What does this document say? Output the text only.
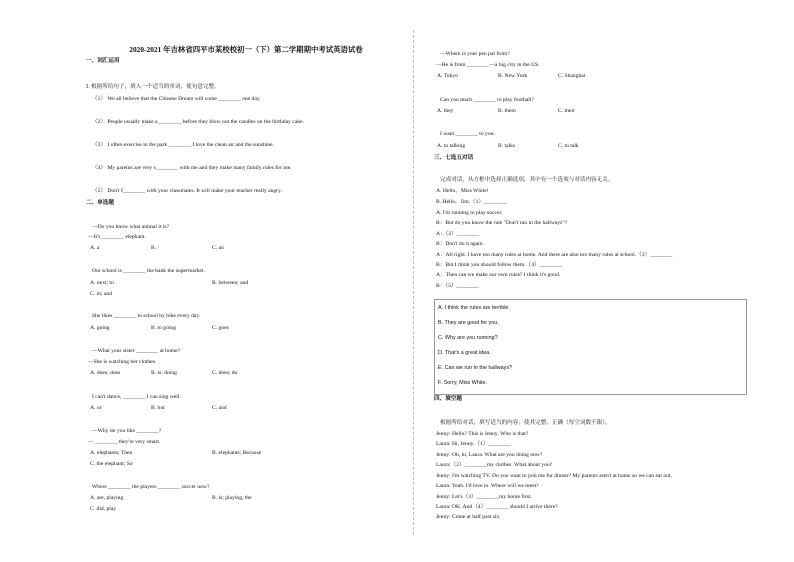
2020-2021 年吉林省四平市某校校初一（下）第二学期期中考试英语试卷
一、词汇运用
Ⅰ. 根据所给句子，填入一个适当的单词，使句意完整。
（1） We all believe that the Chinese Dream will come ________ one day.
（2） People usually make a ________ before they blow out the candles on the birthday cake.
（3） I often exercise in the park ________ I love the clean air and the sunshine.
（4） My parents are very s________ with me and they make many family rules for me.
（5） Don't f________ with your classmates. It will make your teacher really angry.
二、单选题
—Do you know what animal it is?
—It's ________ elephant.
A. a	B. /	C. an
Our school is ________ the bank the supermarket.
A. next; to	B. between; and
C. in; and
She likes ________ to school by bike every day.
A. going	B. to going	C. goes
—What your sister ________ at home?
—She is watching her clothes.
A. does; does	B. is; doing	C. does; do
I can't dance, ________ I can sing well.
A. or	B. but	C. and
—Why do you like ________?
— ________ they're very smart.
A. elephants; Then	B. elephants; Because
C. the elephant; So
Where ________ the players ________ soccer now?
A. are, playing	B. is; playing, the
C. did, play
—Where is your pen pal from?
—He is from ________—a big city in the US.
A. Tokyo	B. New York	C. Shanghai
Can you teach ________ to play football?
A. they	B. them	C. their
I want ________ to you.
A. to talking	B. talks	C. to talk
三、七选五对话
完成对话，从方框中选择正确选项，其中有一个选项与对话内容无关。
A. Hello，Miss White!
B. Hello，Jim.（1）________
A. I'm running to play soccer.
B：But do you know the rule "Don't run in the hallways"?
A：（2）________
B：Don't do it again.
A：All right. I have too many rules at home. And there are also too many rules at school.（3）________
B：But I think you should follow them.（4）________
A：Then can we make our own rules? I think it's good.
B：（5）________
四、填空题
根据所给对话，填写适当的内容，使其完整、正确（每空词数不限）。
Jenny: Hello? This is Jenny. Who is that?
Laura: Hi, Jenny.（1）________
Jenny: Oh, hi, Laura. What are you doing now?
Laura:（2）________my clothes. What about you?
Jenny: I'm watching TV. Do you want to join me for dinner? My parents aren't at home so we can eat out.
Laura: Yeah. I'd love to. Where will we meet?
Jenny: Let's（3）________my home first.
Laura: OK. And（4）________ should I arrive there?
Jenny: Come at half past six.
A. I think the rules are terrible.
B. They are good for you.
C. Why are you running?
D. That's a great idea.
E. Can we run in the hallways?
F. Sorry, Miss White.
